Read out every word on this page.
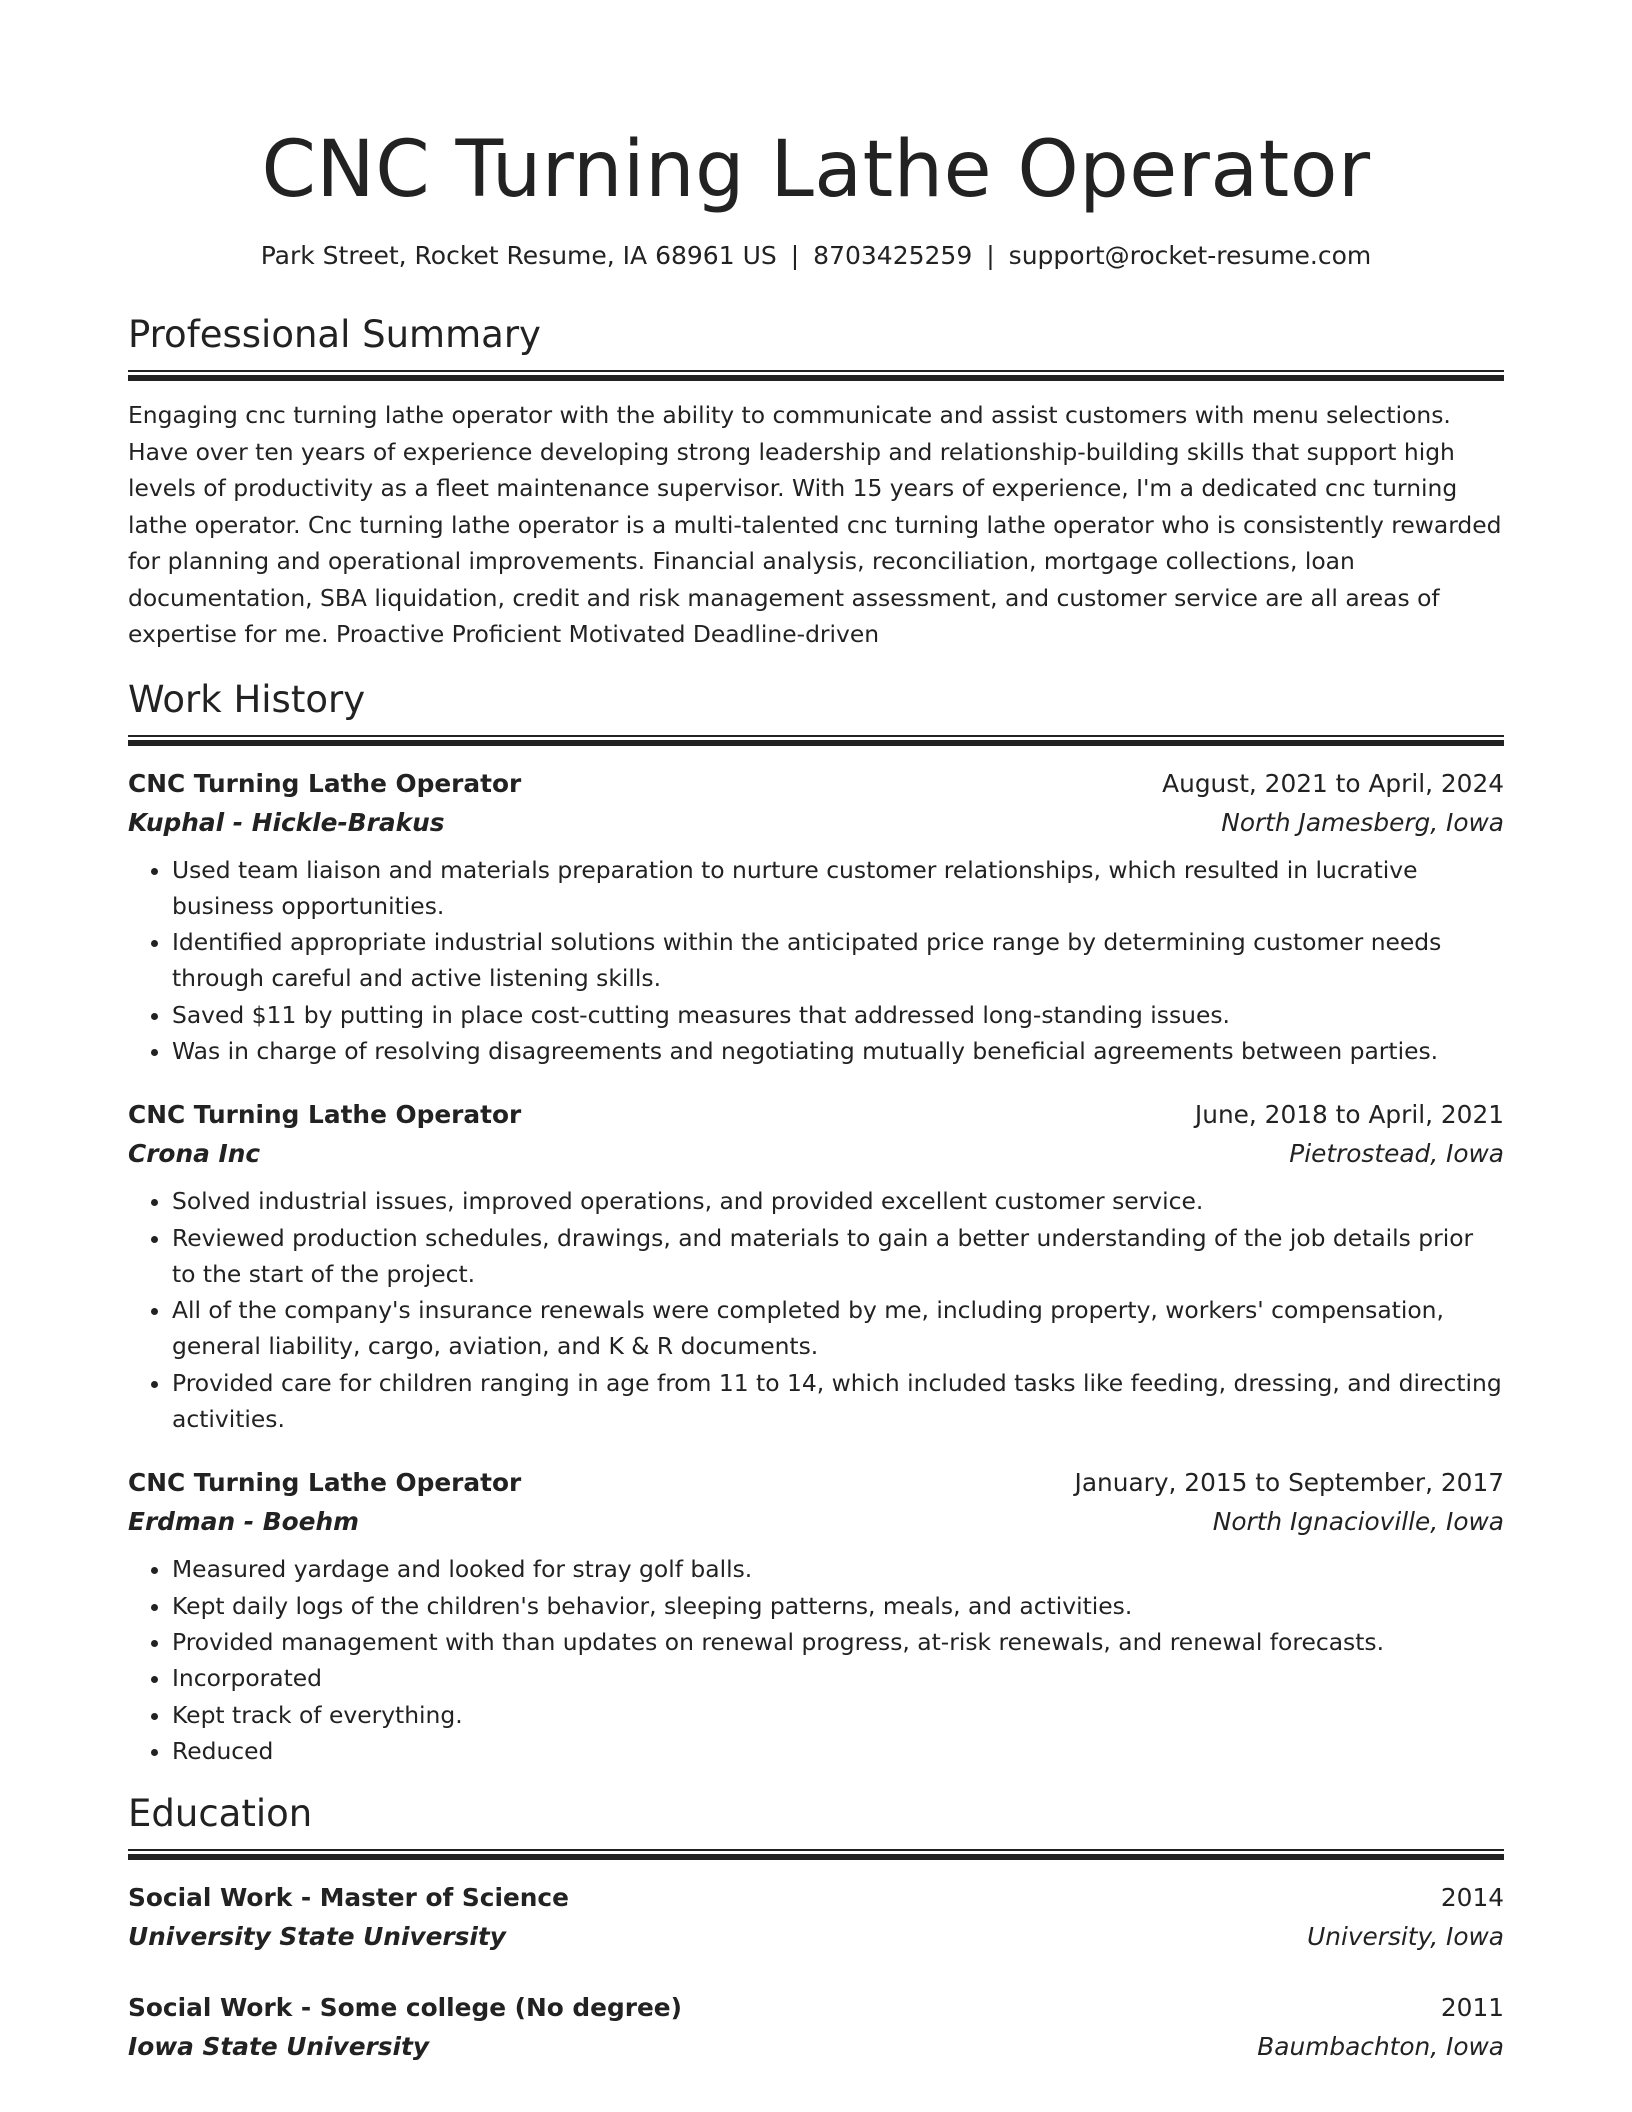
CNC Turning Lathe Operator
Park Street, Rocket Resume, IA 68961 US | 8703425259 | support@rocket-resume.com
Professional Summary
Engaging cnc turning lathe operator with the ability to communicate and assist customers with menu selections. Have over ten years of experience developing strong leadership and relationship-building skills that support high levels of productivity as a fleet maintenance supervisor. With 15 years of experience, I'm a dedicated cnc turning lathe operator. Cnc turning lathe operator is a multi-talented cnc turning lathe operator who is consistently rewarded for planning and operational improvements. Financial analysis, reconciliation, mortgage collections, loan documentation, SBA liquidation, credit and risk management assessment, and customer service are all areas of expertise for me. Proactive Proficient Motivated Deadline-driven
Work History
CNC Turning Lathe Operator	August, 2021 to April, 2024
Kuphal - Hickle-Brakus	North Jamesberg, Iowa
• Used team liaison and materials preparation to nurture customer relationships, which resulted in lucrative business opportunities.
• Identified appropriate industrial solutions within the anticipated price range by determining customer needs through careful and active listening skills.
• Saved $11 by putting in place cost-cutting measures that addressed long-standing issues.
• Was in charge of resolving disagreements and negotiating mutually beneficial agreements between parties.
CNC Turning Lathe Operator	June, 2018 to April, 2021
Crona Inc	Pietrostead, Iowa
• Solved industrial issues, improved operations, and provided excellent customer service.
• Reviewed production schedules, drawings, and materials to gain a better understanding of the job details prior to the start of the project.
• All of the company's insurance renewals were completed by me, including property, workers' compensation, general liability, cargo, aviation, and K & R documents.
• Provided care for children ranging in age from 11 to 14, which included tasks like feeding, dressing, and directing activities.
CNC Turning Lathe Operator	January, 2015 to September, 2017
Erdman - Boehm	North Ignacioville, Iowa
• Measured yardage and looked for stray golf balls.
• Kept daily logs of the children's behavior, sleeping patterns, meals, and activities.
• Provided management with than updates on renewal progress, at-risk renewals, and renewal forecasts.
• Incorporated
• Kept track of everything.
• Reduced
Education
Social Work - Master of Science	2014
University State University	University, Iowa
Social Work - Some college (No degree)	2011
Iowa State University	Baumbachton, Iowa
